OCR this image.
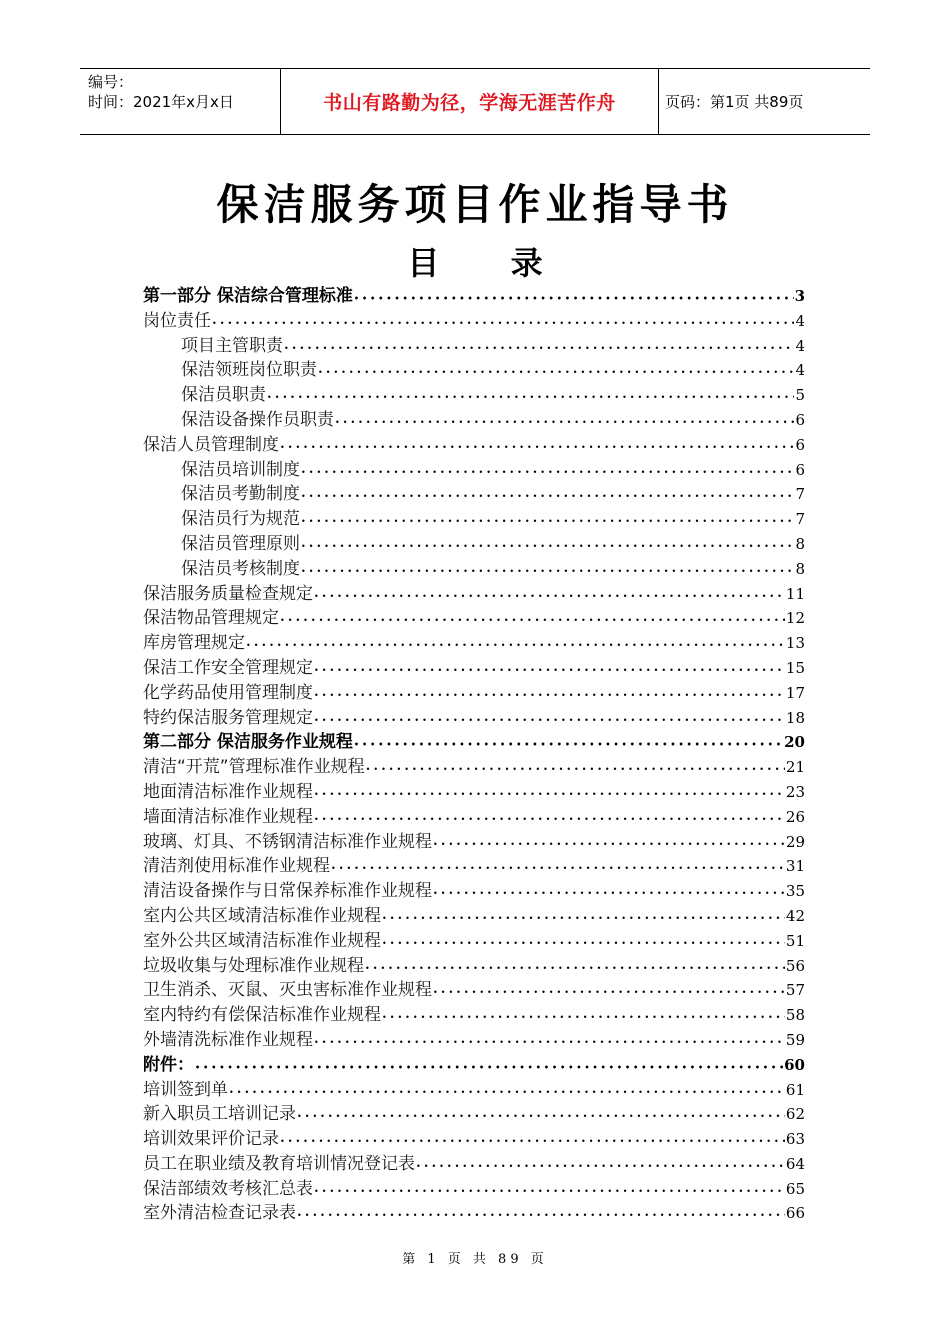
编号：
时间：2021年x月x日	书山有路勤为径，学海无涯苦作舟	页码：第1页 共89页
保洁服务项目作业指导书
目 录
第一部分 保洁综合管理标准 •••••	3
岗位责任 •••••	4
项目主管职责 •••••	4
保洁领班岗位职责 •••••	4
保洁员职责 •••••	5
保洁设备操作员职责 •••••	6
保洁人员管理制度 •••••	6
保洁员培训制度 •••••	6
保洁员考勤制度 •••••	7
保洁员行为规范 •••••	7
保洁员管理原则 •••••	8
保洁员考核制度 •••••	8
保洁服务质量检查规定 •••••	11
保洁物品管理规定 •••••	12
库房管理规定 •••••	13
保洁工作安全管理规定 •••••	15
化学药品使用管理制度 •••••	17
特约保洁服务管理规定 •••••	18
第二部分 保洁服务作业规程 •••••	20
清洁“开荒”管理标准作业规程 •••••	21
地面清洁标准作业规程 •••••	23
墙面清洁标准作业规程 •••••	26
玻璃、灯具、不锈钢清洁标准作业规程 •••••	29
清洁剂使用标准作业规程 •••••	31
清洁设备操作与日常保养标准作业规程 •••••	35
室内公共区域清洁标准作业规程 •••••	42
室外公共区域清洁标准作业规程 •••••	51
垃圾收集与处理标准作业规程 •••••	56
卫生消杀、灭鼠、灭虫害标准作业规程 •••••	57
室内特约有偿保洁标准作业规程 •••••	58
外墙清洗标准作业规程 •••••	59
附件： •••••	60
培训签到单 •••••	61
新入职员工培训记录 •••••	62
培训效果评价记录 •••••	63
员工在职业绩及教育培训情况登记表 •••••	64
保洁部绩效考核汇总表 •••••	65
室外清洁检查记录表 •••••	66
第 1 页 共 89 页
